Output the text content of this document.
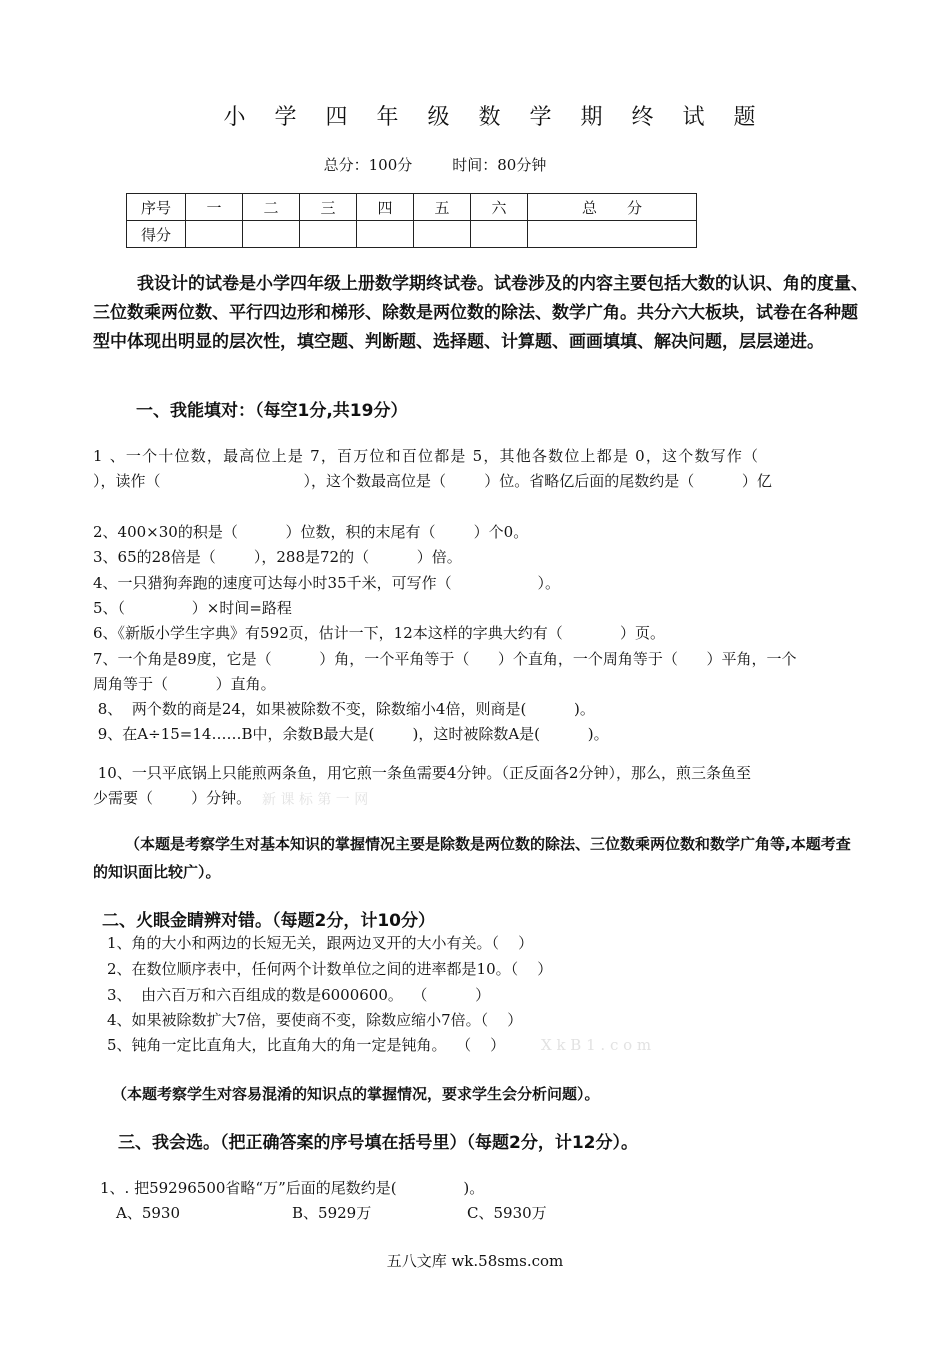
小 学 四 年 级 数 学 期 终 试 题
总分：100分	时间：80分钟
序号	一	二	三	四	五	六	总　　分
得分							
我设计的试卷是小学四年级上册数学期终试卷。试卷涉及的内容主要包括大数的认识、角的度量、三位数乘两位数、平行四边形和梯形、除数是两位数的除法、数学广角。共分六大板块，试卷在各种题型中体现出明显的层次性，填空题、判断题、选择题、计算题、画画填填、解决问题，层层递进。
一、我能填对：（每空1分,共19分）
1 、一个十位数，最高位上是 7，百万位和百位都是 5，其他各数位上都是 0，这个数写作（
），读作（                              ），这个数最高位是（        ）位。省略亿后面的尾数约是（          ）亿
2、400×30的积是（          ）位数，积的末尾有（        ）个0。
3、65的28倍是（        ），288是72的（          ）倍。
4、一只猎狗奔跑的速度可达每小时35千米，可写作（                  ）。
5、（              ）×时间=路程
6、《新版小学生字典》有592页，估计一下，12本这样的字典大约有（            ）页。
7、一个角是89度，它是（          ）角，一个平角等于（      ）个直角，一个周角等于（      ）平角，一个
周角等于（          ）直角。
8、  两个数的商是24，如果被除数不变，除数缩小4倍，则商是(          )。
9、在A÷15=14……B中，余数B最大是(        )，这时被除数A是(          )。
10、一只平底锅上只能煎两条鱼，用它煎一条鱼需要4分钟。（正反面各2分钟），那么，煎三条鱼至
少需要（        ）分钟。 新 课 标 第 一 网
（本题是考察学生对基本知识的掌握情况主要是除数是两位数的除法、三位数乘两位数和数学广角等,本题考查的知识面比较广）。
二、火眼金睛辨对错。（每题2分，计10分）
1、角的大小和两边的长短无关，跟两边叉开的大小有关。（    ）
2、在数位顺序表中，任何两个计数单位之间的进率都是10。（    ）
3、  由六百万和六百组成的数是6000600。  （          ）
4、如果被除数扩大7倍，要使商不变，除数应缩小7倍。（    ）
5、钝角一定比直角大，比直角大的角一定是钝角。  （    ） X k B 1 . c o m
（本题考察学生对容易混淆的知识点的掌握情况，要求学生会分析问题）。
三、我会选。（把正确答案的序号填在括号里）（每题2分，计12分）。
1、. 把59296500省略“万”后面的尾数约是(              )。
A、5930	B、5929万	C、5930万
五八文库 wk.58sms.com
